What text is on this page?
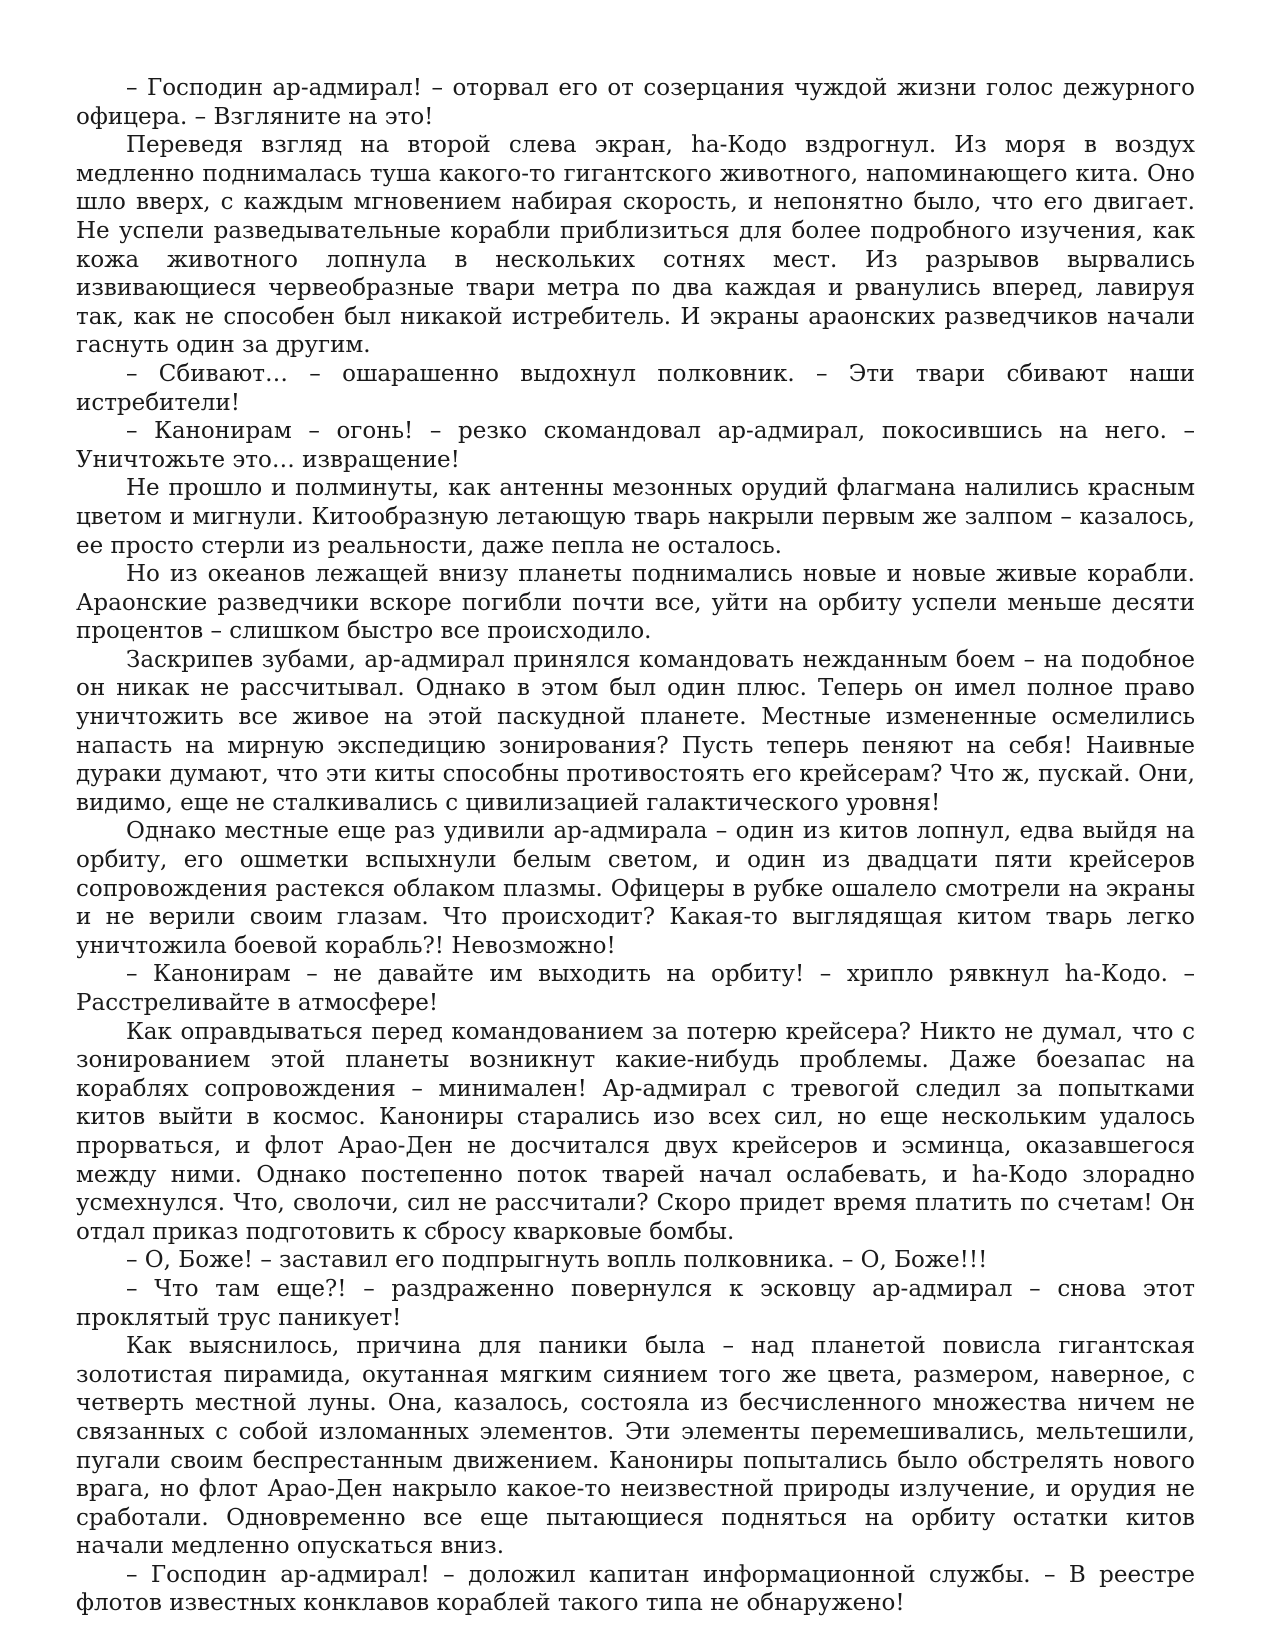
– Господин ар-адмирал! – оторвал его от созерцания чуждой жизни голос дежурного офицера. – Взгляните на это!

Переведя взгляд на второй слева экран, ha-Кодо вздрогнул. Из моря в воздух медленно поднималась туша какого-то гигантского животного, напоминающего кита. Оно шло вверх, с каждым мгновением набирая скорость, и непонятно было, что его двигает. Не успели разведывательные корабли приблизиться для более подробного изучения, как кожа животного лопнула в нескольких сотнях мест. Из разрывов вырвались извивающиеся червеобразные твари метра по два каждая и рванулись вперед, лавируя так, как не способен был никакой истребитель. И экраны араонских разведчиков начали гаснуть один за другим.

– Сбивают… – ошарашенно выдохнул полковник. – Эти твари сбивают наши истребители!

– Канонирам – огонь! – резко скомандовал ар-адмирал, покосившись на него. – Уничтожьте это… извращение!

Не прошло и полминуты, как антенны мезонных орудий флагмана налились красным цветом и мигнули. Китообразную летающую тварь накрыли первым же залпом – казалось, ее просто стерли из реальности, даже пепла не осталось.

Но из океанов лежащей внизу планеты поднимались новые и новые живые корабли. Араонские разведчики вскоре погибли почти все, уйти на орбиту успели меньше десяти процентов – слишком быстро все происходило.

Заскрипев зубами, ар-адмирал принялся командовать нежданным боем – на подобное он никак не рассчитывал. Однако в этом был один плюс. Теперь он имел полное право уничтожить все живое на этой паскудной планете. Местные измененные осмелились напасть на мирную экспедицию зонирования? Пусть теперь пеняют на себя! Наивные дураки думают, что эти киты способны противостоять его крейсерам? Что ж, пускай. Они, видимо, еще не сталкивались с цивилизацией галактического уровня!

Однако местные еще раз удивили ар-адмирала – один из китов лопнул, едва выйдя на орбиту, его ошметки вспыхнули белым светом, и один из двадцати пяти крейсеров сопровождения растекся облаком плазмы. Офицеры в рубке ошалело смотрели на экраны и не верили своим глазам. Что происходит? Какая-то выглядящая китом тварь легко уничтожила боевой корабль?! Невозможно!

– Канонирам – не давайте им выходить на орбиту! – хрипло рявкнул ha-Кодо. – Расстреливайте в атмосфере!

Как оправдываться перед командованием за потерю крейсера? Никто не думал, что с зонированием этой планеты возникнут какие-нибудь проблемы. Даже боезапас на кораблях сопровождения – минимален! Ар-адмирал с тревогой следил за попытками китов выйти в космос. Канониры старались изо всех сил, но еще нескольким удалось прорваться, и флот Арао-Ден не досчитался двух крейсеров и эсминца, оказавшегося между ними. Однако постепенно поток тварей начал ослабевать, и ha-Кодо злорадно усмехнулся. Что, сволочи, сил не рассчитали? Скоро придет время платить по счетам! Он отдал приказ подготовить к сбросу кварковые бомбы.

– О, Боже! – заставил его подпрыгнуть вопль полковника. – О, Боже!!!

– Что там еще?! – раздраженно повернулся к эсковцу ар-адмирал – снова этот проклятый трус паникует!

Как выяснилось, причина для паники была – над планетой повисла гигантская золотистая пирамида, окутанная мягким сиянием того же цвета, размером, наверное, с четверть местной луны. Она, казалось, состояла из бесчисленного множества ничем не связанных с собой изломанных элементов. Эти элементы перемешивались, мельтешили, пугали своим беспрестанным движением. Канониры попытались было обстрелять нового врага, но флот Арао-Ден накрыло какое-то неизвестной природы излучение, и орудия не сработали. Одновременно все еще пытающиеся подняться на орбиту остатки китов начали медленно опускаться вниз.

– Господин ар-адмирал! – доложил капитан информационной службы. – В реестре флотов известных конклавов кораблей такого типа не обнаружено!
